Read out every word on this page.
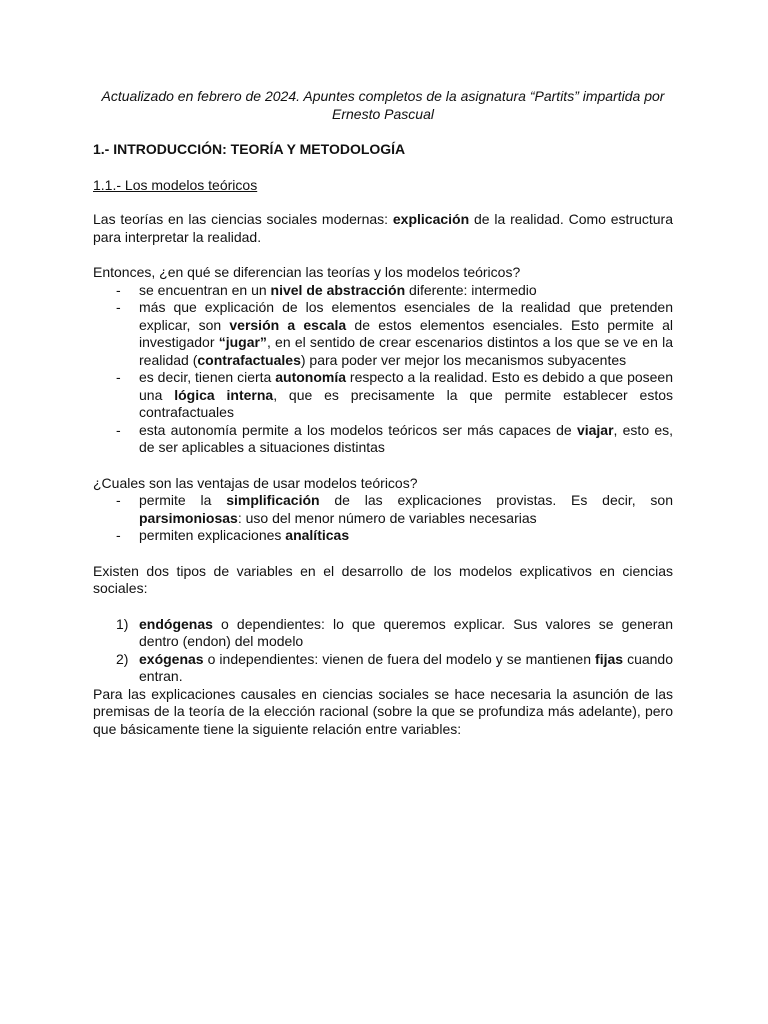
Actualizado en febrero de 2024. Apuntes completos de la asignatura “Partits” impartida por
Ernesto Pascual

1.- INTRODUCCIÓN: TEORÍA Y METODOLOGÍA

1.1.- Los modelos teóricos

Las teorías en las ciencias sociales modernas: explicación de la realidad. Como estructura para interpretar la realidad.

Entonces, ¿en qué se diferencian las teorías y los modelos teóricos?

- se encuentran en un nivel de abstracción diferente: intermedio
- más que explicación de los elementos esenciales de la realidad que pretenden explicar, son versión a escala de estos elementos esenciales. Esto permite al investigador “jugar”, en el sentido de crear escenarios distintos a los que se ve en la realidad (contrafactuales) para poder ver mejor los mecanismos subyacentes
- es decir, tienen cierta autonomía respecto a la realidad. Esto es debido a que poseen una lógica interna, que es precisamente la que permite establecer estos contrafactuales
- esta autonomía permite a los modelos teóricos ser más capaces de viajar, esto es, de ser aplicables a situaciones distintas

¿Cuales son las ventajas de usar modelos teóricos?

- permite la simplificación de las explicaciones provistas. Es decir, son parsimoniosas: uso del menor número de variables necesarias
- permiten explicaciones analíticas

Existen dos tipos de variables en el desarrollo de los modelos explicativos en ciencias sociales:

1) endógenas o dependientes: lo que queremos explicar. Sus valores se generan dentro (endon) del modelo
2) exógenas o independientes: vienen de fuera del modelo y se mantienen fijas cuando entran.

Para las explicaciones causales en ciencias sociales se hace necesaria la asunción de las premisas de la teoría de la elección racional (sobre la que se profundiza más adelante), pero que básicamente tiene la siguiente relación entre variables:
